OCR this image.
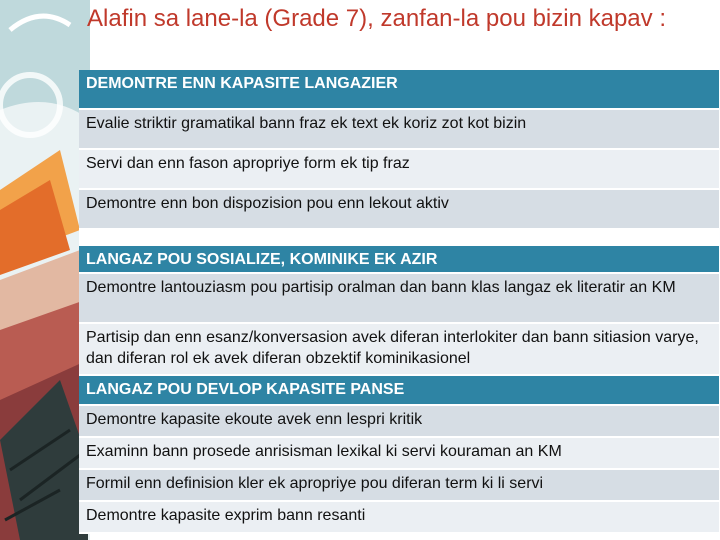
Alafin sa lane-la (Grade 7), zanfan-la pou bizin kapav :
DEMONTRE ENN KAPASITE LANGAZIER
Evalie striktir gramatikal bann fraz ek text ek koriz zot kot bizin
Servi dan enn fason apropriye form ek tip fraz
Demontre enn bon dispozision pou enn lekout aktiv
LANGAZ POU SOSIALIZE, KOMINIKE EK AZIR
Demontre lantouziasm pou partisip oralman dan bann klas langaz ek literatir an KM
Partisip dan enn esanz/konversasion avek diferan interlokiter dan bann sitiasion varye, dan diferan rol ek avek diferan obzektif kominikasionel
LANGAZ POU DEVLOP KAPASITE PANSE
Demontre kapasite ekoute avek enn lespri kritik
Examinn bann prosede anrisisman lexikal ki servi kouraman an KM
Formil enn definision kler ek apropriye pou diferan term ki li servi
Demontre kapasite exprim bann resanti
